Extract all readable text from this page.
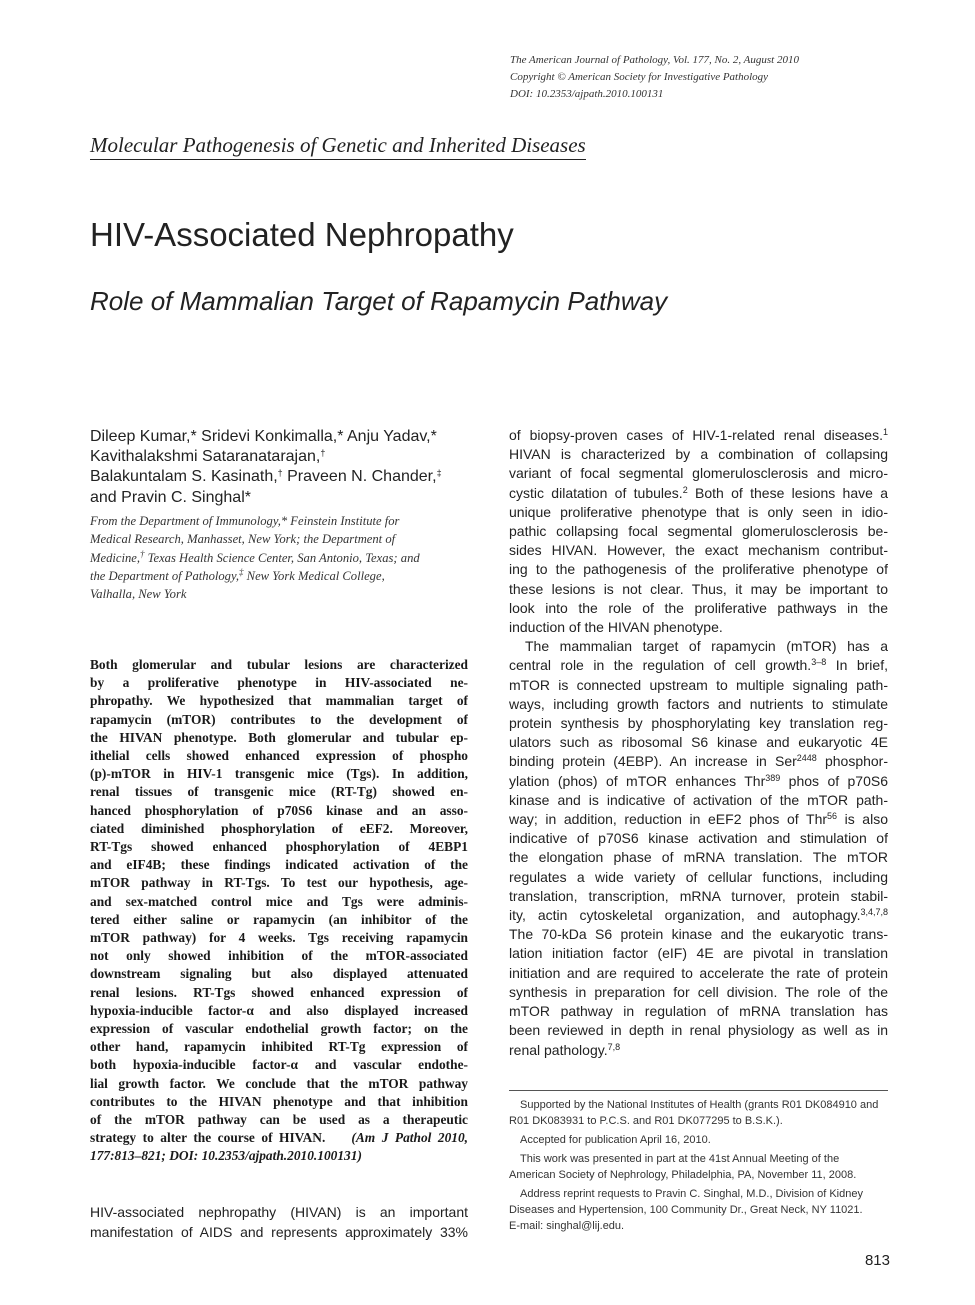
The American Journal of Pathology, Vol. 177, No. 2, August 2010
Copyright © American Society for Investigative Pathology
DOI: 10.2353/ajpath.2010.100131
Molecular Pathogenesis of Genetic and Inherited Diseases
HIV-Associated Nephropathy
Role of Mammalian Target of Rapamycin Pathway
Dileep Kumar,* Sridevi Konkimalla,* Anju Yadav,*
Kavithalakshmi Sataranatarajan,†
Balakuntalam S. Kasinath,† Praveen N. Chander,‡
and Pravin C. Singhal*
From the Department of Immunology,* Feinstein Institute for
Medical Research, Manhasset, New York; the Department of
Medicine,† Texas Health Science Center, San Antonio, Texas; and
the Department of Pathology,‡ New York Medical College,
Valhalla, New York
Both glomerular and tubular lesions are characterized
by a proliferative phenotype in HIV-associated ne-
phropathy. We hypothesized that mammalian target of
rapamycin (mTOR) contributes to the development of
the HIVAN phenotype. Both glomerular and tubular ep-
ithelial cells showed enhanced expression of phospho
(p)-mTOR in HIV-1 transgenic mice (Tgs). In addition,
renal tissues of transgenic mice (RT-Tg) showed en-
hanced phosphorylation of p70S6 kinase and an asso-
ciated diminished phosphorylation of eEF2. Moreover,
RT-Tgs showed enhanced phosphorylation of 4EBP1
and eIF4B; these findings indicated activation of the
mTOR pathway in RT-Tgs. To test our hypothesis, age-
and sex-matched control mice and Tgs were adminis-
tered either saline or rapamycin (an inhibitor of the
mTOR pathway) for 4 weeks. Tgs receiving rapamycin
not only showed inhibition of the mTOR-associated
downstream signaling but also displayed attenuated
renal lesions. RT-Tgs showed enhanced expression of
hypoxia-inducible factor-α and also displayed increased
expression of vascular endothelial growth factor; on the
other hand, rapamycin inhibited RT-Tg expression of
both hypoxia-inducible factor-α and vascular endothe-
lial growth factor. We conclude that the mTOR pathway
contributes to the HIVAN phenotype and that inhibition
of the mTOR pathway can be used as a therapeutic
strategy to alter the course of HIVAN. (Am J Pathol 2010,
177:813–821; DOI: 10.2353/ajpath.2010.100131)
HIV-associated nephropathy (HIVAN) is an important
manifestation of AIDS and represents approximately 33%
of biopsy-proven cases of HIV-1-related renal diseases.$^1$
HIVAN is characterized by a combination of collapsing
variant of focal segmental glomerulosclerosis and micro-
cystic dilatation of tubules.$^2$ Both of these lesions have a
unique proliferative phenotype that is only seen in idio-
pathic collapsing focal segmental glomerulosclerosis be-
sides HIVAN. However, the exact mechanism contribut-
ing to the pathogenesis of the proliferative phenotype of
these lesions is not clear. Thus, it may be important to
look into the role of the proliferative pathways in the
induction of the HIVAN phenotype.
The mammalian target of rapamycin (mTOR) has a
central role in the regulation of cell growth.$^{3-8}$ In brief,
mTOR is connected upstream to multiple signaling path-
ways, including growth factors and nutrients to stimulate
protein synthesis by phosphorylating key translation reg-
ulators such as ribosomal S6 kinase and eukaryotic 4E
binding protein (4EBP). An increase in Ser$^{2448}$ phosphor-
ylation (phos) of mTOR enhances Thr$^{389}$ phos of p70S6
kinase and is indicative of activation of the mTOR path-
way; in addition, reduction in eEF2 phos of Thr$^{56}$ is also
indicative of p70S6 kinase activation and stimulation of
the elongation phase of mRNA translation. The mTOR
regulates a wide variety of cellular functions, including
translation, transcription, mRNA turnover, protein stabil-
ity, actin cytoskeletal organization, and autophagy.$^{3,4,7,8}$
The 70-kDa S6 protein kinase and the eukaryotic trans-
lation initiation factor (eIF) 4E are pivotal in translation
initiation and are required to accelerate the rate of protein
synthesis in preparation for cell division. The role of the
mTOR pathway in regulation of mRNA translation has
been reviewed in depth in renal physiology as well as in
renal pathology.$^{7,8}$
Supported by the National Institutes of Health (grants R01 DK084910 and
R01 DK083931 to P.C.S. and R01 DK077295 to B.S.K.).
Accepted for publication April 16, 2010.
This work was presented in part at the 41st Annual Meeting of the
American Society of Nephrology, Philadelphia, PA, November 11, 2008.
Address reprint requests to Pravin C. Singhal, M.D., Division of Kidney
Diseases and Hypertension, 100 Community Dr., Great Neck, NY 11021.
E-mail: singhal@lij.edu.
813
